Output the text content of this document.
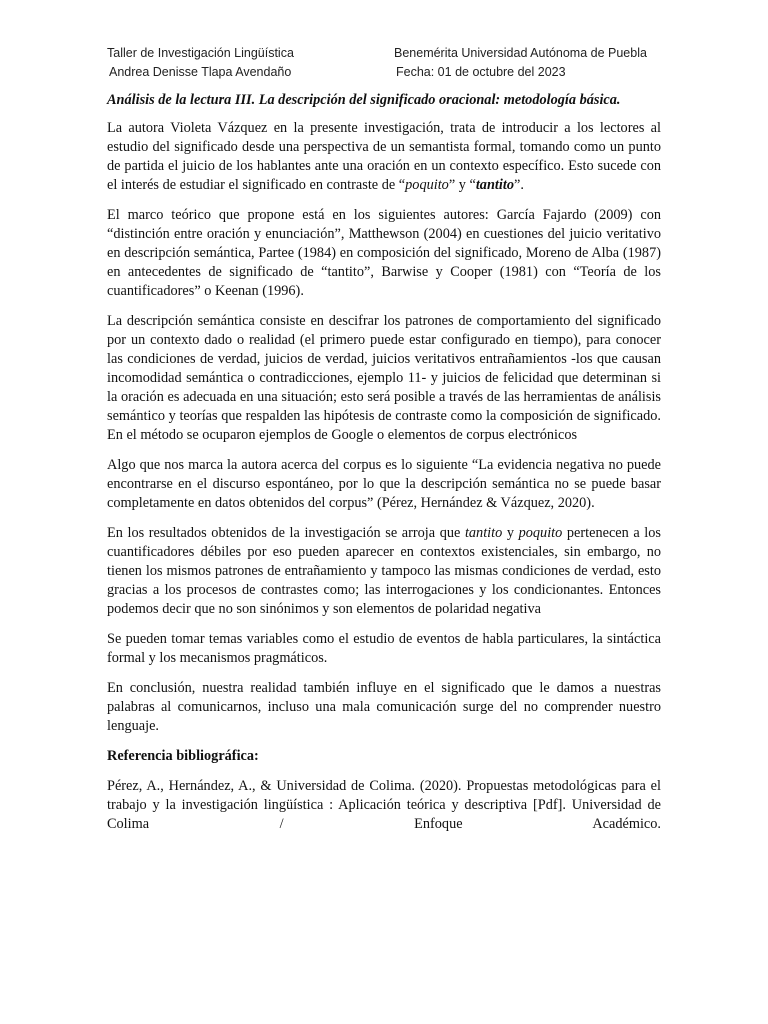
Taller de Investigación Lingüística	Benemérita Universidad Autónoma de Puebla
Andrea Denisse Tlapa Avendaño	Fecha: 01 de octubre del 2023

Análisis de la lectura III. La descripción del significado oracional: metodología básica.

La autora Violeta Vázquez en la presente investigación, trata de introducir a los lectores al estudio del significado desde una perspectiva de un semantista formal, tomando como un punto de partida el juicio de los hablantes ante una oración en un contexto específico. Esto sucede con el interés de estudiar el significado en contraste de “poquito” y “tantito”.

El marco teórico que propone está en los siguientes autores: García Fajardo (2009) con “distinción entre oración y enunciación”, Matthewson (2004) en cuestiones del juicio veritativo en descripción semántica, Partee (1984) en composición del significado, Moreno de Alba (1987) en antecedentes de significado de “tantito”, Barwise y Cooper (1981) con “Teoría de los cuantificadores” o Keenan (1996).

La descripción semántica consiste en descifrar los patrones de comportamiento del significado por un contexto dado o realidad (el primero puede estar configurado en tiempo), para conocer las condiciones de verdad, juicios de verdad, juicios veritativos entrañamientos -los que causan incomodidad semántica o contradicciones, ejemplo 11- y juicios de felicidad que determinan si la oración es adecuada en una situación; esto será posible a través de las herramientas de análisis semántico y teorías que respalden las hipótesis de contraste como la composición de significado. En el método se ocuparon ejemplos de Google o elementos de corpus electrónicos

Algo que nos marca la autora acerca del corpus es lo siguiente “La evidencia negativa no puede encontrarse en el discurso espontáneo, por lo que la descripción semántica no se puede basar completamente en datos obtenidos del corpus” (Pérez, Hernández & Vázquez, 2020).

En los resultados obtenidos de la investigación se arroja que tantito y poquito pertenecen a los cuantificadores débiles por eso pueden aparecer en contextos existenciales, sin embargo, no tienen los mismos patrones de entrañamiento y tampoco las mismas condiciones de verdad, esto gracias a los procesos de contrastes como; las interrogaciones y los condicionantes. Entonces podemos decir que no son sinónimos y son elementos de polaridad negativa

Se pueden tomar temas variables como el estudio de eventos de habla particulares, la sintáctica formal y los mecanismos pragmáticos.

En conclusión, nuestra realidad también influye en el significado que le damos a nuestras palabras al comunicarnos, incluso una mala comunicación surge del no comprender nuestro lenguaje.

Referencia bibliográfica:

Pérez, A., Hernández, A., & Universidad de Colima. (2020). Propuestas metodológicas para el trabajo y la investigación lingüística : Aplicación teórica y descriptiva [Pdf]. Universidad de Colima / Enfoque Académico.
